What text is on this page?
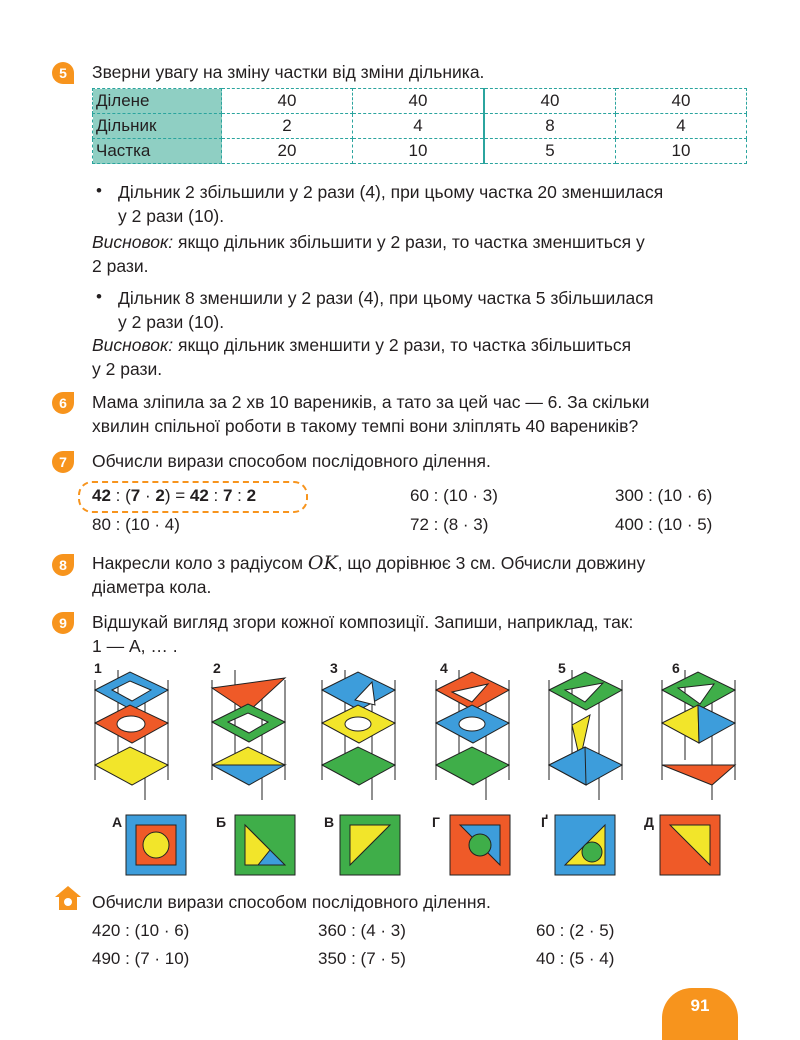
5	Зверни увагу на зміну частки від зміни дільника.
Ділене	40	40	40	40
Дільник	2	4	8	4
Частка	20	10	5	10
• Дільник 2 збільшили у 2 рази (4), при цьому частка 20 зменшилася
у 2 рази (10).
Висновок: якщо дільник збільшити у 2 рази, то частка зменшиться у
2 рази.
• Дільник 8 зменшили у 2 рази (4), при цьому частка 5 збільшилася
у 2 рази (10).
Висновок: якщо дільник зменшити у 2 рази, то частка збільшиться
у 2 рази.
6	Мама зліпила за 2 хв 10 вареників, а тато за цей час — 6. За скільки
хвилин спільної роботи в такому темпі вони зліплять 40 вареників?
7	Обчисли вирази способом послідовного ділення.
42 : (7 · 2) = 42 : 7 : 2	60 : (10 · 3)	300 : (10 · 6)
80 : (10 · 4)	72 : (8 · 3)	400 : (10 · 5)
8	Накресли коло з радіусом OK, що дорівнює 3 см. Обчисли довжину
діаметра кола.
9	Відшукай вигляд згори кожної композиції. Запиши, наприклад, так:
1 — А, … .
1	2	3	4	5	6
А	Б	В	Г	Ґ	Д
Обчисли вирази способом послідовного ділення.
420 : (10 · 6)	360 : (4 · 3)	60 : (2 · 5)
490 : (7 · 10)	350 : (7 · 5)	40 : (5 · 4)
91
